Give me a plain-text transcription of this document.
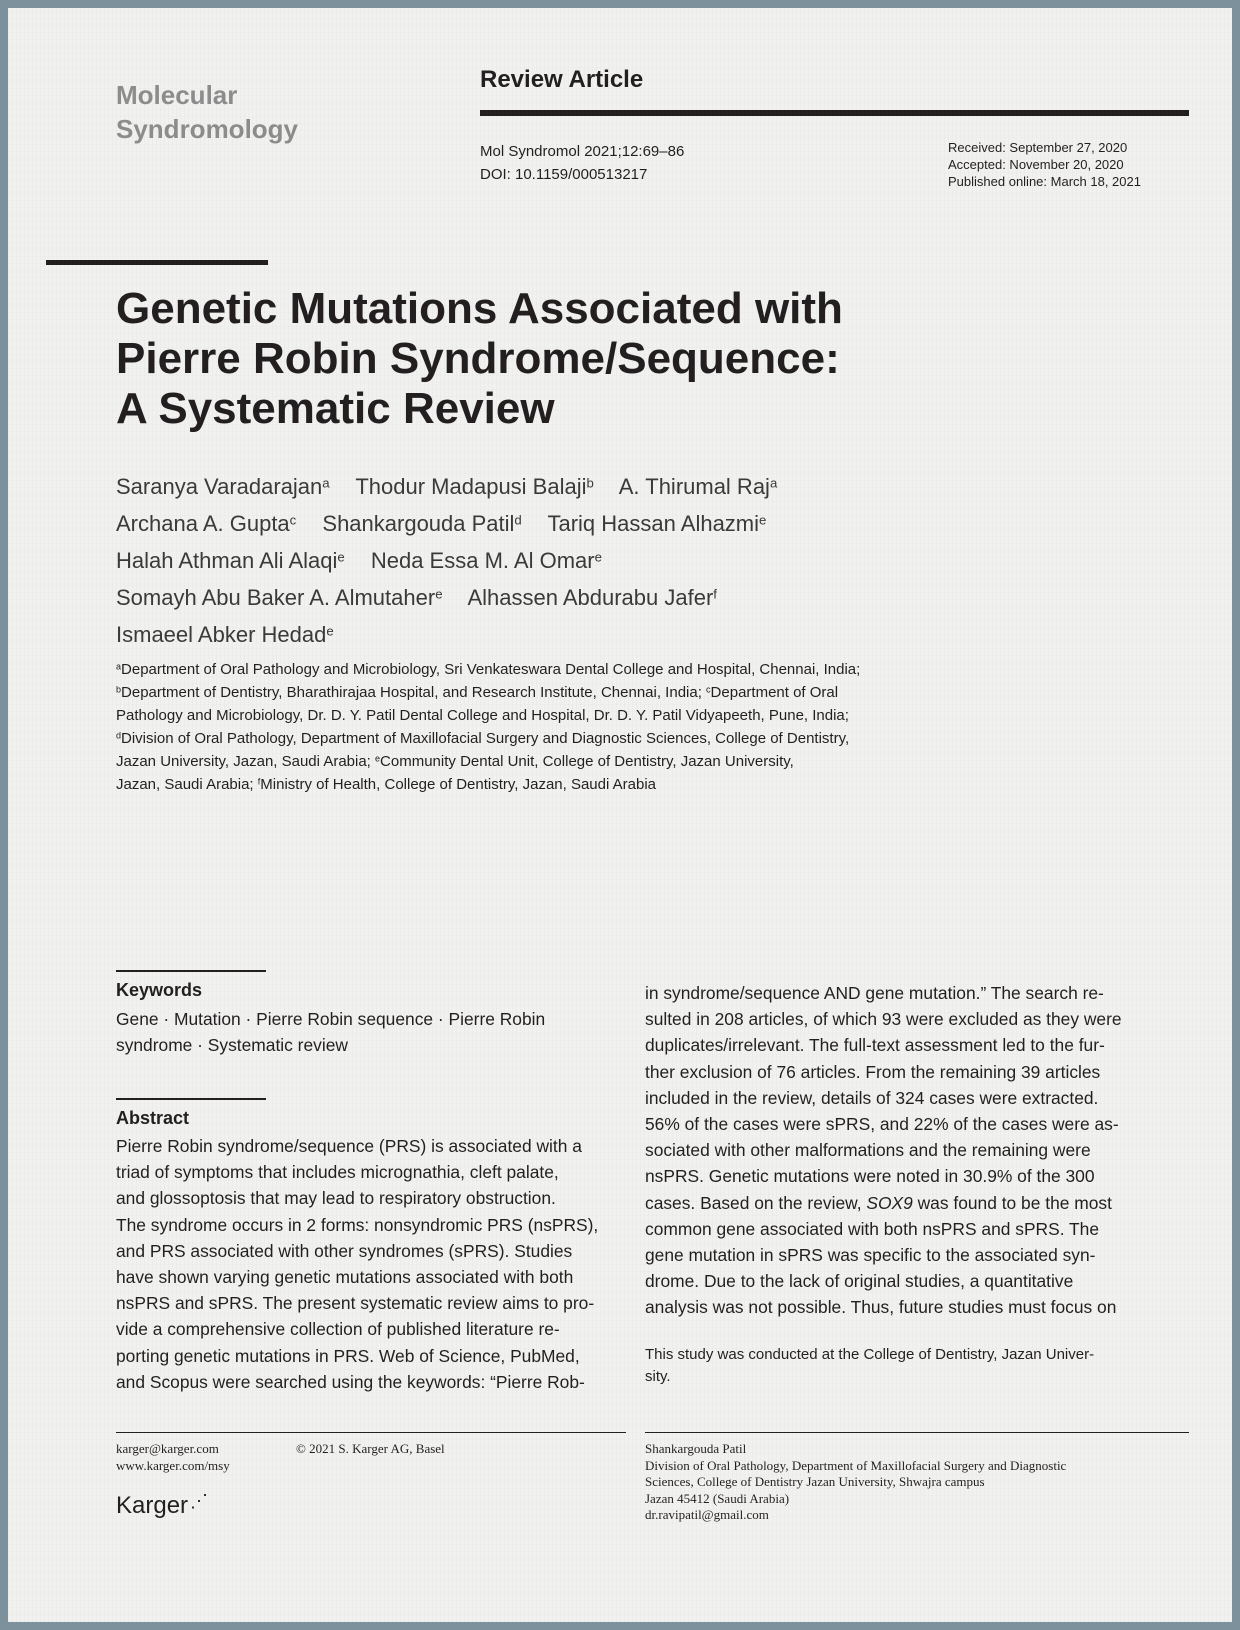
Molecular
Syndromology
Review Article
Mol Syndromol 2021;12:69–86
DOI: 10.1159/000513217
Received: September 27, 2020
Accepted: November 20, 2020
Published online: March 18, 2021
Genetic Mutations Associated with
Pierre Robin Syndrome/Sequence:
A Systematic Review
Saranya Varadarajan$^a$ Thodur Madapusi Balaji$^b$ A. Thirumal Raj$^a$
Archana A. Gupta$^c$ Shankargouda Patil$^d$ Tariq Hassan Alhazmi$^e$
Halah Athman Ali Alaqi$^e$ Neda Essa M. Al Omar$^e$
Somayh Abu Baker A. Almutaher$^e$ Alhassen Abdurabu Jafer$^f$
Ismaeel Abker Hedad$^e$
$^a$Department of Oral Pathology and Microbiology, Sri Venkateswara Dental College and Hospital, Chennai, India;
$^b$Department of Dentistry, Bharathirajaa Hospital, and Research Institute, Chennai, India; $^c$Department of Oral
Pathology and Microbiology, Dr. D. Y. Patil Dental College and Hospital, Dr. D. Y. Patil Vidyapeeth, Pune, India;
$^d$Division of Oral Pathology, Department of Maxillofacial Surgery and Diagnostic Sciences, College of Dentistry,
Jazan University, Jazan, Saudi Arabia; $^e$Community Dental Unit, College of Dentistry, Jazan University,
Jazan, Saudi Arabia; $^f$Ministry of Health, College of Dentistry, Jazan, Saudi Arabia
Keywords
Gene · Mutation · Pierre Robin sequence · Pierre Robin
syndrome · Systematic review
Abstract
Pierre Robin syndrome/sequence (PRS) is associated with a
triad of symptoms that includes micrognathia, cleft palate,
and glossoptosis that may lead to respiratory obstruction.
The syndrome occurs in 2 forms: nonsyndromic PRS (nsPRS),
and PRS associated with other syndromes (sPRS). Studies
have shown varying genetic mutations associated with both
nsPRS and sPRS. The present systematic review aims to pro-
vide a comprehensive collection of published literature re-
porting genetic mutations in PRS. Web of Science, PubMed,
and Scopus were searched using the keywords: “Pierre Rob-
in syndrome/sequence AND gene mutation.” The search re-
sulted in 208 articles, of which 93 were excluded as they were
duplicates/irrelevant. The full-text assessment led to the fur-
ther exclusion of 76 articles. From the remaining 39 articles
included in the review, details of 324 cases were extracted.
56% of the cases were sPRS, and 22% of the cases were as-
sociated with other malformations and the remaining were
nsPRS. Genetic mutations were noted in 30.9% of the 300
cases. Based on the review, SOX9 was found to be the most
common gene associated with both nsPRS and sPRS. The
gene mutation in sPRS was specific to the associated syn-
drome. Due to the lack of original studies, a quantitative
analysis was not possible. Thus, future studies must focus on
This study was conducted at the College of Dentistry, Jazan Univer-
sity.
karger@karger.com
www.karger.com/msy
© 2021 S. Karger AG, Basel
Karger ⋰
Shankargouda Patil
Division of Oral Pathology, Department of Maxillofacial Surgery and Diagnostic
Sciences, College of Dentistry Jazan University, Shwajra campus
Jazan 45412 (Saudi Arabia)
dr.ravipatil@gmail.com
